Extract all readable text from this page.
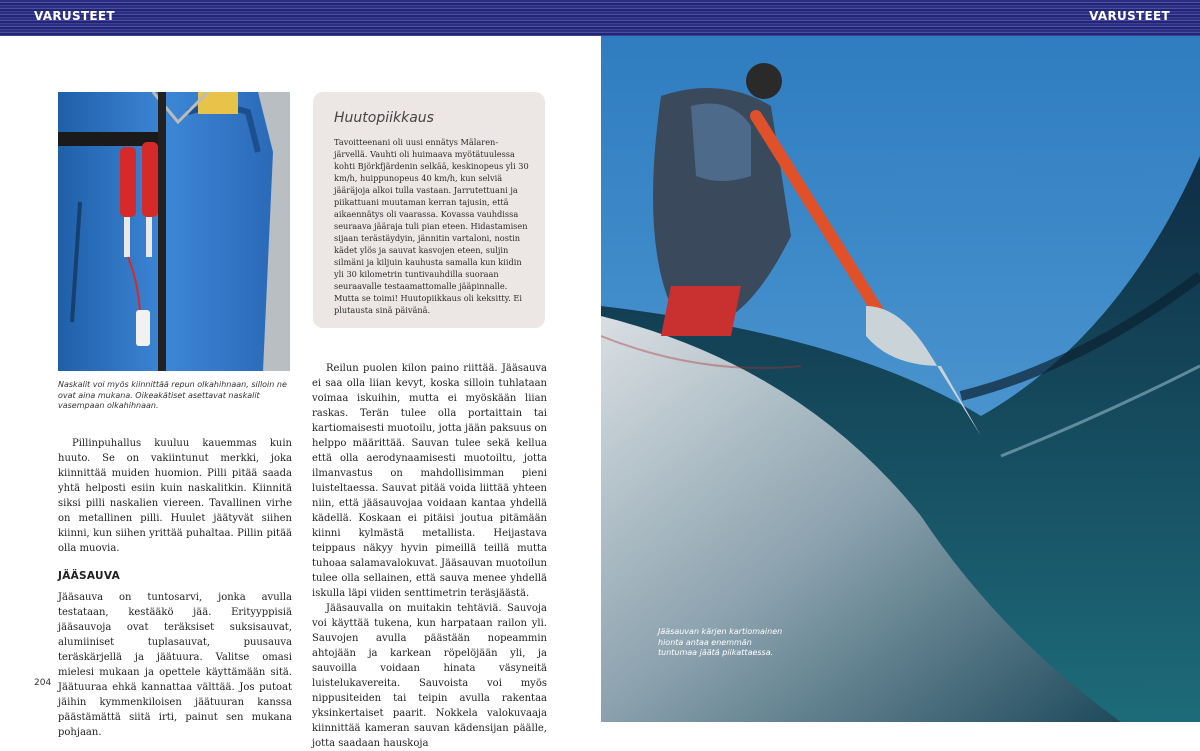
VARUSTEET	VARUSTEET
Naskalit voi myös kiinnittää repun olkahihnaan, silloin ne ovat aina mukana. Oikeakätiset asettavat naskalit vasempaan olkahihnaan.

Huutopiikkaus

Tavoitteenani oli uusi ennätys Mälaren-järvellä. Vauhti oli huimaava myötätuulessa kohti Björkfjärdenin selkää, keskinopeus yli 30 km/h, huippunopeus 40 km/h, kun selviä jääräjoja alkoi tulla vastaan. Jarrutettuani ja piikattuani muutaman kerran tajusin, että aikaennätys oli vaarassa. Kovassa vauhdissa seuraava jääraja tuli pian eteen. Hidastamisen sijaan terästäydyin, jännitin vartaloni, nostin kädet ylös ja sauvat kasvojen eteen, suljin silmäni ja kiljuin kauhusta samalla kun kiidin yli 30 kilometrin tuntivauhdilla suoraan seuraavalle testaamattomalle jääpinnalle. Mutta se toimi! Huutopiikkaus oli keksitty. Ei plutausta sinä päivänä.

Pillinpuhallus kuuluu kauemmas kuin huuto. Se on vakiintunut merkki, joka kiinnittää muiden huomion. Pilli pitää saada yhtä helposti esiin kuin naskalitkin. Kiinnitä siksi pilli naskalien viereen. Tavallinen virhe on metallinen pilli. Huulet jäätyvät siihen kiinni, kun siihen yrittää puhaltaa. Pillin pitää olla muovia.

JÄÄSAUVA

Jääsauva on tuntosarvi, jonka avulla testataan, kestääkö jää. Erityyppisiä jääsauvoja ovat teräksiset suksisauvat, alumiiniset tuplasauvat, puusauva teräskärjellä ja jäätuura. Valitse omasi mielesi mukaan ja opettele käyttämään sitä. Jäätuuraa ehkä kannattaa välttää. Jos putoat jäihin kymmenkiloisen jäätuuran kanssa päästämättä siitä irti, painut sen mukana pohjaan.

Reilun puolen kilon paino riittää. Jääsauva ei saa olla liian kevyt, koska silloin tuhlataan voimaa iskuihin, mutta ei myöskään liian raskas. Terän tulee olla portaittain tai kartiomaisesti muotoilu, jotta jään paksuus on helppo määrittää. Sauvan tulee sekä kellua että olla aerodynaamisesti muotoiltu, jotta ilmanvastus on mahdollisimman pieni luisteltaessa. Sauvat pitää voida liittää yhteen niin, että jääsauvojaa voidaan kantaa yhdellä kädellä. Koskaan ei pitäisi joutua pitämään kiinni kylmästä metallista. Heijastava teippaus näkyy hyvin pimeillä teillä mutta tuhoaa salamavalokuvat. Jääsauvan muotoilun tulee olla sellainen, että sauva menee yhdellä iskulla läpi viiden senttimetrin teräsjäästä.

Jääsauvalla on muitakin tehtäviä. Sauvoja voi käyttää tukena, kun harpataan railon yli. Sauvojen avulla päästään nopeammin ahtojään ja karkean röpelöjään yli, ja sauvoilla voidaan hinata väsyneitä luistelukavereita. Sauvoista voi myös nippusiteiden tai teipin avulla rakentaa yksinkertaiset paarit. Nokkela valokuvaaja kiinnittää kameran sauvan kädensijan päälle, jotta saadaan hauskoja

204
Jääsauvan kärjen kartiomainen hionta antaa enemmän tuntumaa jäätä piikattaessa.
